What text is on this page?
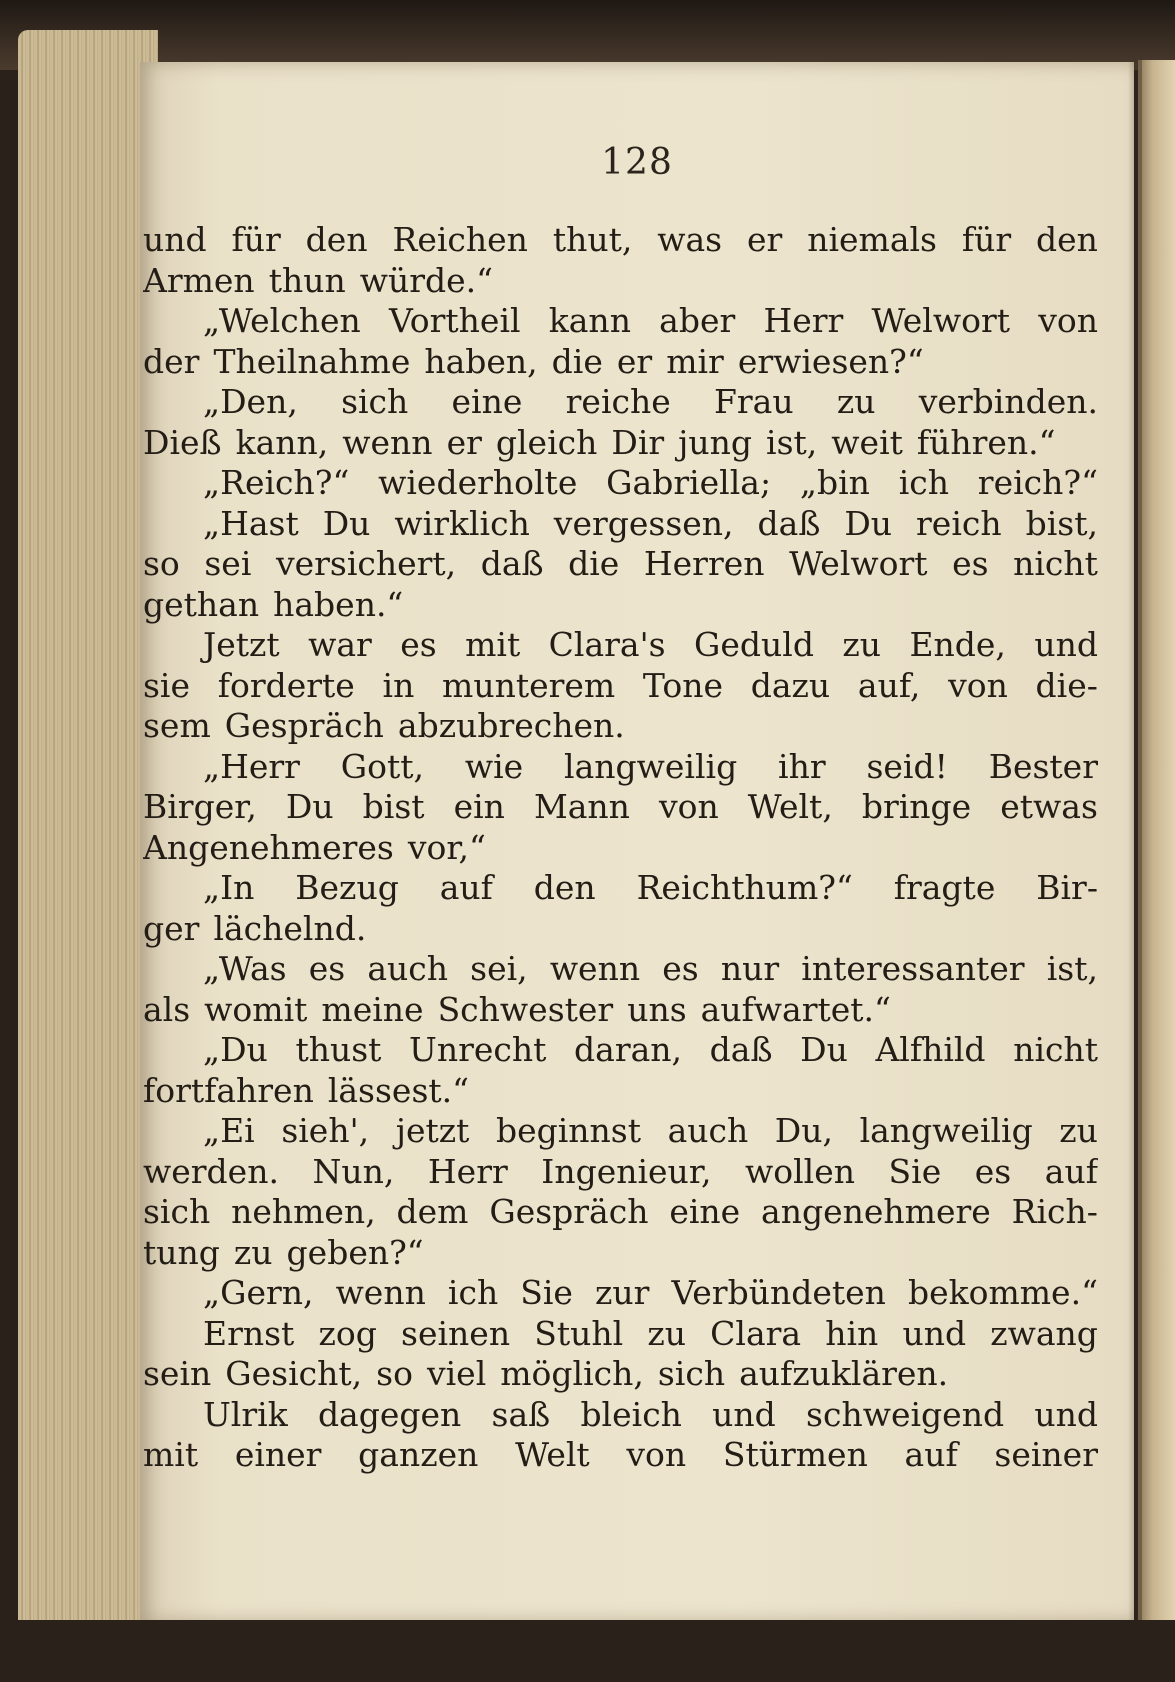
128
und für den Reichen thut, was er niemals für den
Armen thun würde.“
„Welchen Vortheil kann aber Herr Welwort von
der Theilnahme haben, die er mir erwiesen?“
„Den, sich eine reiche Frau zu verbinden.
Dieß kann, wenn er gleich Dir jung ist, weit führen.“
„Reich?“ wiederholte Gabriella; „bin ich reich?“
„Hast Du wirklich vergessen, daß Du reich bist,
so sei versichert, daß die Herren Welwort es nicht
gethan haben.“
Jetzt war es mit Clara's Geduld zu Ende, und
sie forderte in munterem Tone dazu auf, von die-
sem Gespräch abzubrechen.
„Herr Gott, wie langweilig ihr seid! Bester
Birger, Du bist ein Mann von Welt, bringe etwas
Angenehmeres vor,“
„In Bezug auf den Reichthum?“ fragte Bir-
ger lächelnd.
„Was es auch sei, wenn es nur interessanter ist,
als womit meine Schwester uns aufwartet.“
„Du thust Unrecht daran, daß Du Alfhild nicht
fortfahren lässest.“
„Ei sieh', jetzt beginnst auch Du, langweilig zu
werden. Nun, Herr Ingenieur, wollen Sie es auf
sich nehmen, dem Gespräch eine angenehmere Rich-
tung zu geben?“
„Gern, wenn ich Sie zur Verbündeten bekomme.“
Ernst zog seinen Stuhl zu Clara hin und zwang
sein Gesicht, so viel möglich, sich aufzuklären.
Ulrik dagegen saß bleich und schweigend und
mit einer ganzen Welt von Stürmen auf seiner
